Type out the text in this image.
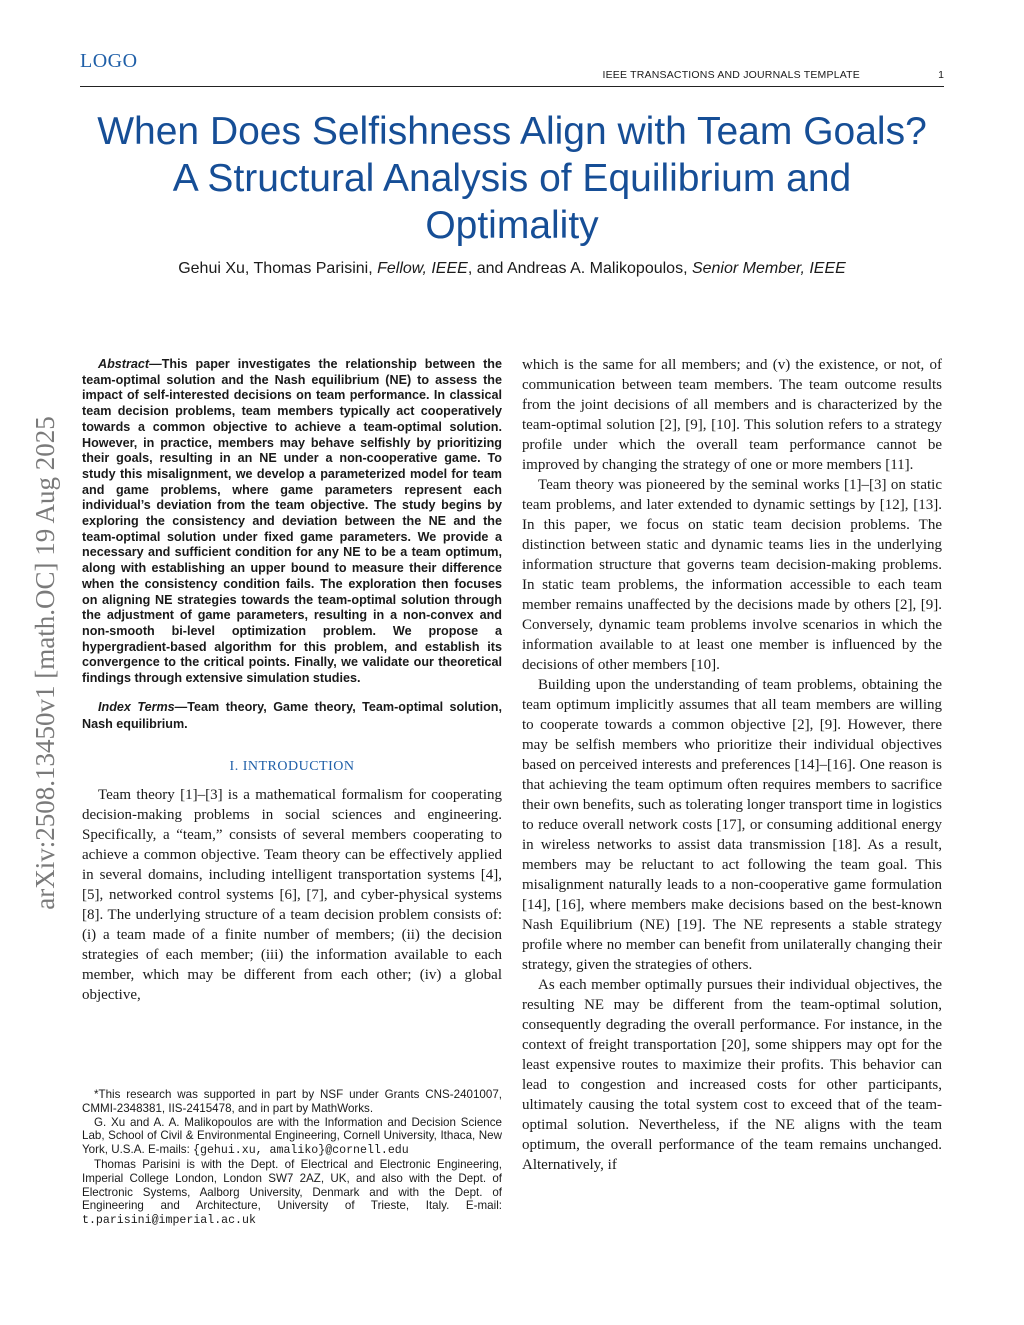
LOGO
IEEE TRANSACTIONS AND JOURNALS TEMPLATE	1
When Does Selfishness Align with Team Goals?
A Structural Analysis of Equilibrium and
Optimality
Gehui Xu, Thomas Parisini, Fellow, IEEE, and Andreas A. Malikopoulos, Senior Member, IEEE
arXiv:2508.13450v1 [math.OC] 19 Aug 2025

Abstract—This paper investigates the relationship between the team-optimal solution and the Nash equilibrium (NE) to assess the impact of self-interested decisions on team performance. In classical team decision problems, team members typically act cooperatively towards a common objective to achieve a team-optimal solution. However, in practice, members may behave selfishly by prioritizing their goals, resulting in an NE under a non-cooperative game. To study this misalignment, we develop a parameterized model for team and game problems, where game parameters represent each individual’s deviation from the team objective. The study begins by exploring the consistency and deviation between the NE and the team-optimal solution under fixed game parameters. We provide a necessary and sufficient condition for any NE to be a team optimum, along with establishing an upper bound to measure their difference when the consistency condition fails. The exploration then focuses on aligning NE strategies towards the team-optimal solution through the adjustment of game parameters, resulting in a non-convex and non-smooth bi-level optimization problem. We propose a hypergradient-based algorithm for this problem, and establish its convergence to the critical points. Finally, we validate our theoretical findings through extensive simulation studies.

Index Terms—Team theory, Game theory, Team-optimal solution, Nash equilibrium.

I. INTRODUCTION

Team theory [1]–[3] is a mathematical formalism for cooperating decision-making problems in social sciences and engineering. Specifically, a “team,” consists of several members cooperating to achieve a common objective. Team theory can be effectively applied in several domains, including intelligent transportation systems [4], [5], networked control systems [6], [7], and cyber-physical systems [8]. The underlying structure of a team decision problem consists of: (i) a team made of a finite number of members; (ii) the decision strategies of each member; (iii) the information available to each member, which may be different from each other; (iv) a global objective,

*This research was supported in part by NSF under Grants CNS-2401007, CMMI-2348381, IIS-2415478, and in part by MathWorks.

G. Xu and A. A. Malikopoulos are with the Information and Decision Science Lab, School of Civil & Environmental Engineering, Cornell University, Ithaca, New York, U.S.A. E-mails: {gehui.xu, amaliko}@cornell.edu

Thomas Parisini is with the Dept. of Electrical and Electronic Engineering, Imperial College London, London SW7 2AZ, UK, and also with the Dept. of Electronic Systems, Aalborg University, Denmark and with the Dept. of Engineering and Architecture, University of Trieste, Italy. E-mail: t.parisini@imperial.ac.uk

which is the same for all members; and (v) the existence, or not, of communication between team members. The team outcome results from the joint decisions of all members and is characterized by the team-optimal solution [2], [9], [10]. This solution refers to a strategy profile under which the overall team performance cannot be improved by changing the strategy of one or more members [11].

Team theory was pioneered by the seminal works [1]–[3] on static team problems, and later extended to dynamic settings by [12], [13]. In this paper, we focus on static team decision problems. The distinction between static and dynamic teams lies in the underlying information structure that governs team decision-making problems. In static team problems, the information accessible to each team member remains unaffected by the decisions made by others [2], [9]. Conversely, dynamic team problems involve scenarios in which the information available to at least one member is influenced by the decisions of other members [10].

Building upon the understanding of team problems, obtaining the team optimum implicitly assumes that all team members are willing to cooperate towards a common objective [2], [9]. However, there may be selfish members who prioritize their individual objectives based on perceived interests and preferences [14]–[16]. One reason is that achieving the team optimum often requires members to sacrifice their own benefits, such as tolerating longer transport time in logistics to reduce overall network costs [17], or consuming additional energy in wireless networks to assist data transmission [18]. As a result, members may be reluctant to act following the team goal. This misalignment naturally leads to a non-cooperative game formulation [14], [16], where members make decisions based on the best-known Nash Equilibrium (NE) [19]. The NE represents a stable strategy profile where no member can benefit from unilaterally changing their strategy, given the strategies of others.

As each member optimally pursues their individual objectives, the resulting NE may be different from the team-optimal solution, consequently degrading the overall performance. For instance, in the context of freight transportation [20], some shippers may opt for the least expensive routes to maximize their profits. This behavior can lead to congestion and increased costs for other participants, ultimately causing the total system cost to exceed that of the team-optimal solution. Nevertheless, if the NE aligns with the team optimum, the overall performance of the team remains unchanged. Alternatively, if
